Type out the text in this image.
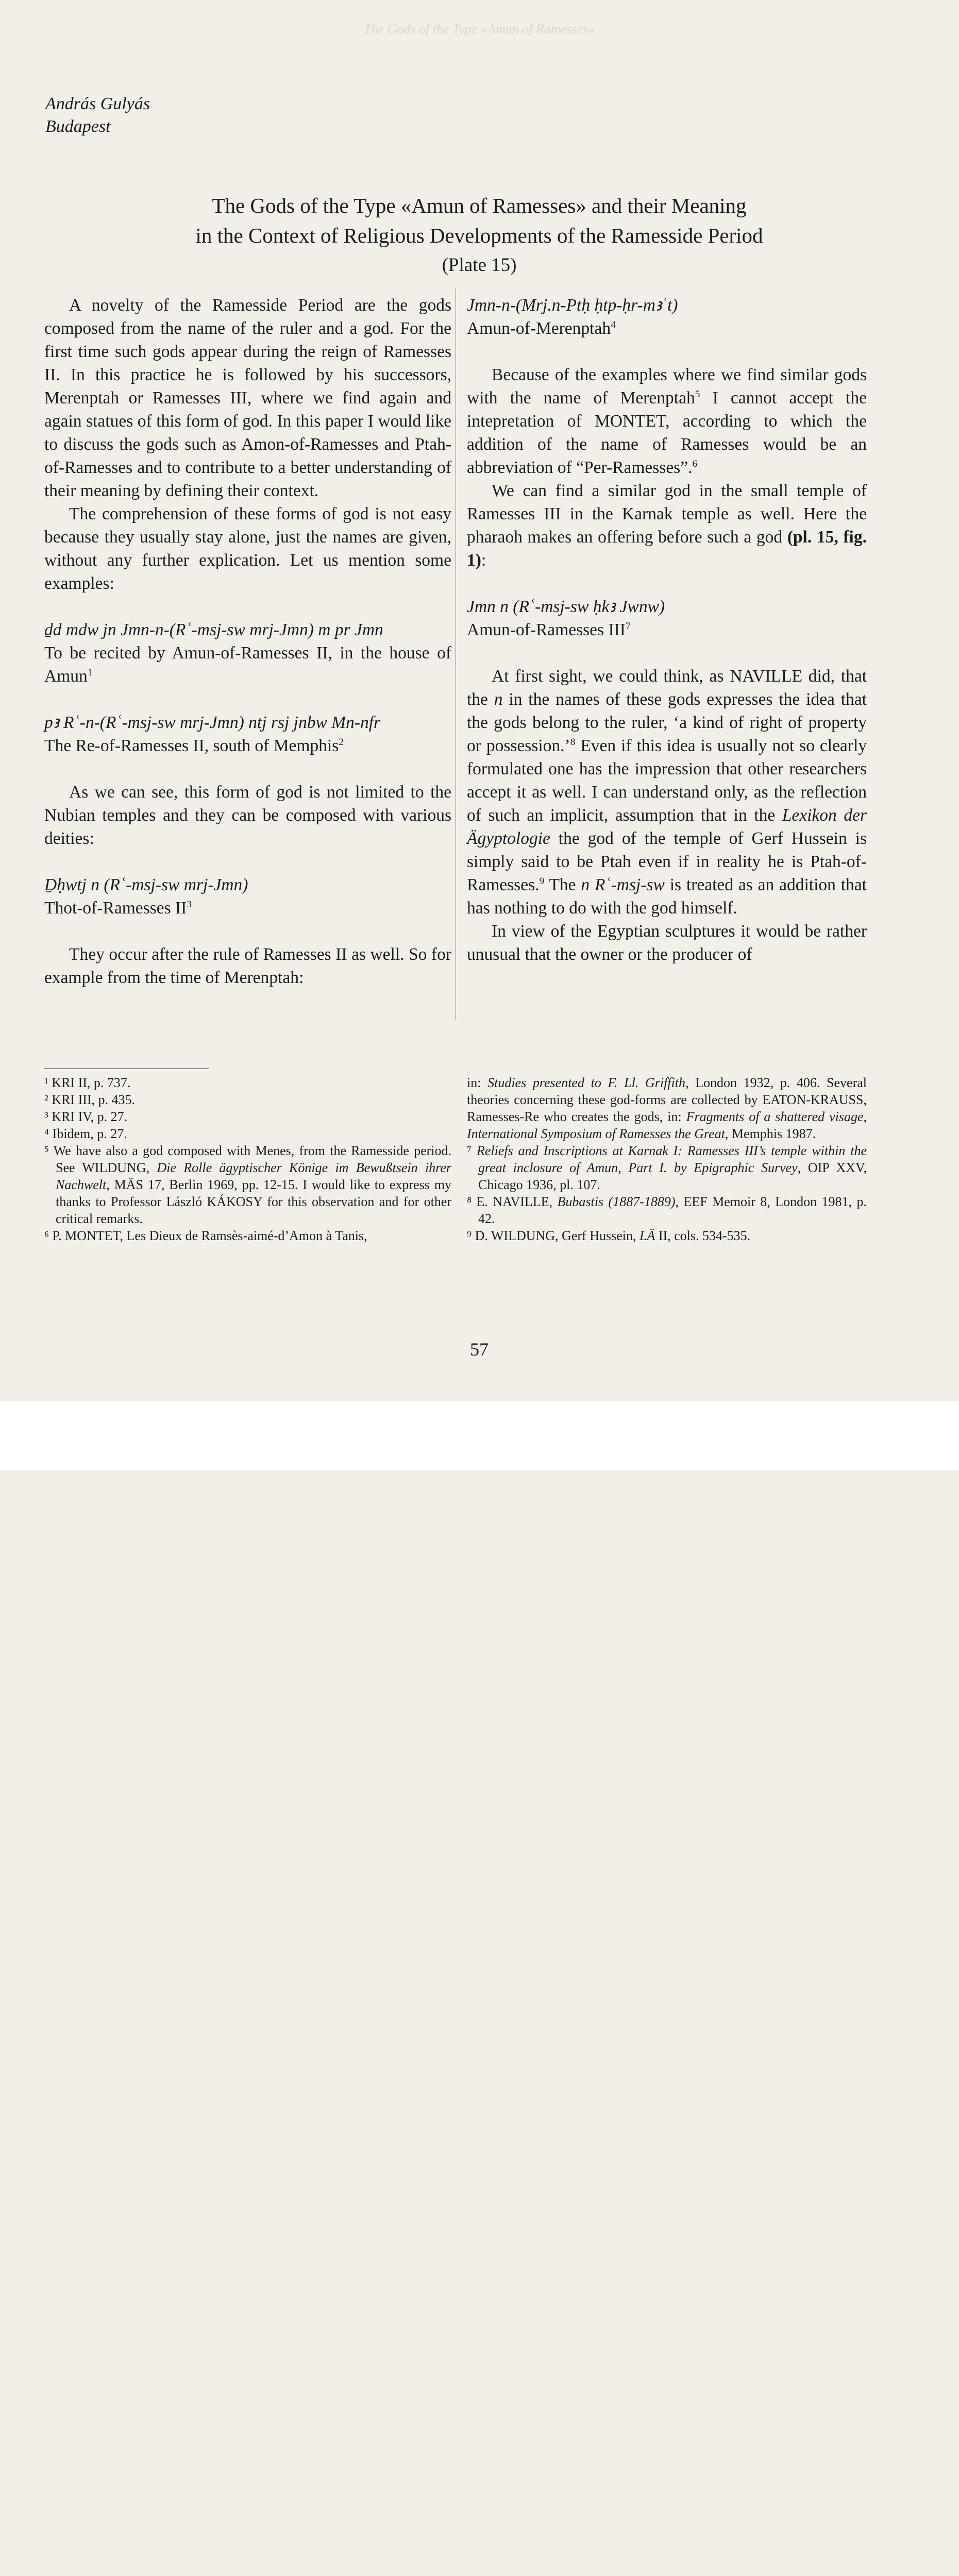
The Gods of the Type »Amun of Ramesses«
András Gulyás
Budapest
The Gods of the Type «Amun of Ramesses» and their Meaning
in the Context of Religious Developments of the Ramesside Period
(Plate 15)

A novelty of the Ramesside Period are the gods composed from the name of the ruler and a god. For the first time such gods appear during the reign of Ramesses II. In this practice he is followed by his successors, Merenptah or Ramesses III, where we find again and again statues of this form of god. In this paper I would like to discuss the gods such as Amon-of-Ramesses and Ptah-of-Ramesses and to contribute to a better understanding of their meaning by defining their context.

The comprehension of these forms of god is not easy because they usually stay alone, just the names are given, without any further explication. Let us mention some examples:

ḏd mdw jn Jmn-n-(Rʿ-msj-sw mrj-Jmn) m pr Jmn

To be recited by Amun-of-Ramesses II, in the house of Amun$^1$

pꜣ Rʿ-n-(Rʿ-msj-sw mrj-Jmn) ntj rsj jnbw Mn-nfr

The Re-of-Ramesses II, south of Memphis$^2$

As we can see, this form of god is not limited to the Nubian temples and they can be composed with various deities:

Ḏḥwtj n (Rʿ-msj-sw mrj-Jmn)

Thot-of-Ramesses $II^3$

They occur after the rule of Ramesses II as well. So for example from the time of Merenptah:

Jmn-n-(Mrj.n-Ptḥ ḥtp-ḥr-mꜣʿt)

Amun-of-Merenptah$^4$

Because of the examples where we find similar gods with the name of Merenptah$^5$ I cannot accept the intepretation of MONTET, according to which the addition of the name of Ramesses would be an abbreviation of “Per-Ramesses”.$^6$

We can find a similar god in the small temple of Ramesses III in the Karnak temple as well. Here the pharaoh makes an offering before such a god (pl. 15, fig. 1):

Jmn n (Rʿ-msj-sw ḥkꜣ Jwnw)

Amun-of-Ramesses III$^7$

At first sight, we could think, as NAVILLE did, that the n in the names of these gods expresses the idea that the gods belong to the ruler, ‘a kind of right of property or possession.’$^8$ Even if this idea is usually not so clearly formulated one has the impression that other researchers accept it as well. I can understand only, as the reflection of such an implicit, assumption that in the Lexikon der Ägyptologie the god of the temple of Gerf Hussein is simply said to be Ptah even if in reality he is Ptah-of-Ramesses.$^9$ The n Rʿ-msj-sw is treated as an addition that has nothing to do with the god himself.

In view of the Egyptian sculptures it would be rather unusual that the owner or the producer of

¹ KRI II, p. 737.

² KRI III, p. 435.

³ KRI IV, p. 27.

⁴ Ibidem, p. 27.

⁵ We have also a god composed with Menes, from the Ramesside period. See WILDUNG, Die Rolle ägyptischer Könige im Bewußtsein ihrer Nachwelt, MÄS 17, Berlin 1969, pp. 12-15. I would like to express my thanks to Professor László KÁKOSY for this observation and for other critical remarks.

⁶ P. MONTET, Les Dieux de Ramsès-aimé-d’Amon à Tanis,

in: Studies presented to F. Ll. Griffith, London 1932, p. 406. Several theories concerning these god-forms are collected by EATON-KRAUSS, Ramesses-Re who creates the gods, in: Fragments of a shattered visage, International Symposium of Ramesses the Great, Memphis 1987.

⁷ Reliefs and Inscriptions at Karnak I: Ramesses III’s temple within the great inclosure of Amun, Part I. by Epigraphic Survey, OIP XXV, Chicago 1936, pl. 107.

⁸ E. NAVILLE, Bubastis (1887-1889), EEF Memoir 8, London 1981, p. 42.

⁹ D. WILDUNG, Gerf Hussein, LÄ II, cols. 534-535.

57
